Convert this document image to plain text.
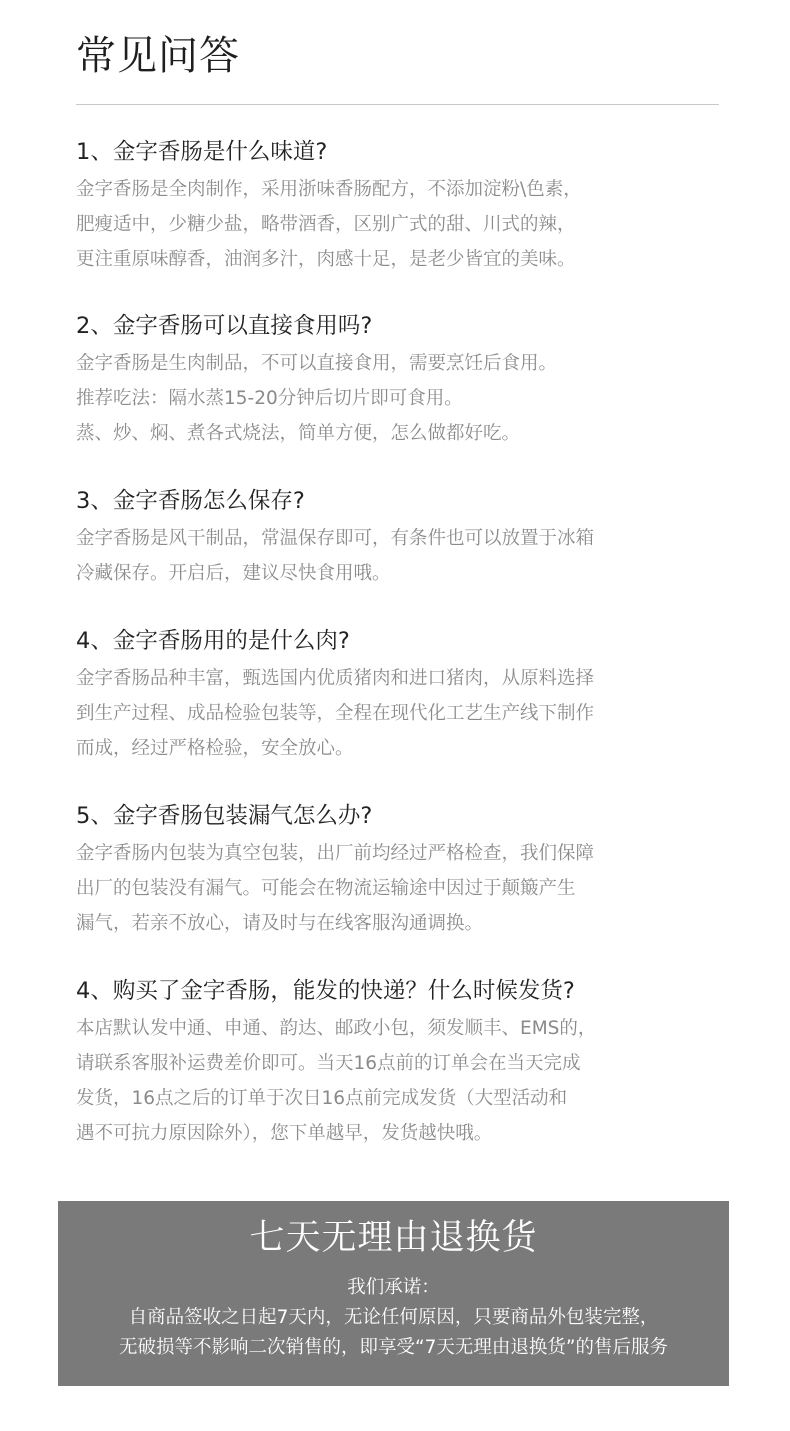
常见问答
1、金字香肠是什么味道?
金字香肠是全肉制作，采用浙味香肠配方，不添加淀粉\色素，
肥瘦适中，少糖少盐，略带酒香，区别广式的甜、川式的辣，
更注重原味醇香，油润多汁，肉感十足，是老少皆宜的美味。
2、金字香肠可以直接食用吗?
金字香肠是生肉制品，不可以直接食用，需要烹饪后食用。
推荐吃法：隔水蒸15-20分钟后切片即可食用。
蒸、炒、焖、煮各式烧法，简单方便，怎么做都好吃。
3、金字香肠怎么保存?
金字香肠是风干制品，常温保存即可，有条件也可以放置于冰箱
冷藏保存。开启后，建议尽快食用哦。
4、金字香肠用的是什么肉?
金字香肠品种丰富，甄选国内优质猪肉和进口猪肉，从原料选择
到生产过程、成品检验包装等，全程在现代化工艺生产线下制作
而成，经过严格检验，安全放心。
5、金字香肠包装漏气怎么办?
金字香肠内包装为真空包装，出厂前均经过严格检查，我们保障
出厂的包装没有漏气。可能会在物流运输途中因过于颠簸产生
漏气，若亲不放心，请及时与在线客服沟通调换。
4、购买了金字香肠，能发的快递？什么时候发货?
本店默认发中通、申通、韵达、邮政小包，须发顺丰、EMS的，
请联系客服补运费差价即可。当天16点前的订单会在当天完成
发货，16点之后的订单于次日16点前完成发货（大型活动和
遇不可抗力原因除外），您下单越早，发货越快哦。
七天无理由退换货
我们承诺：
自商品签收之日起7天内，无论任何原因，只要商品外包装完整，
无破损等不影响二次销售的，即享受“7天无理由退换货”的售后服务
